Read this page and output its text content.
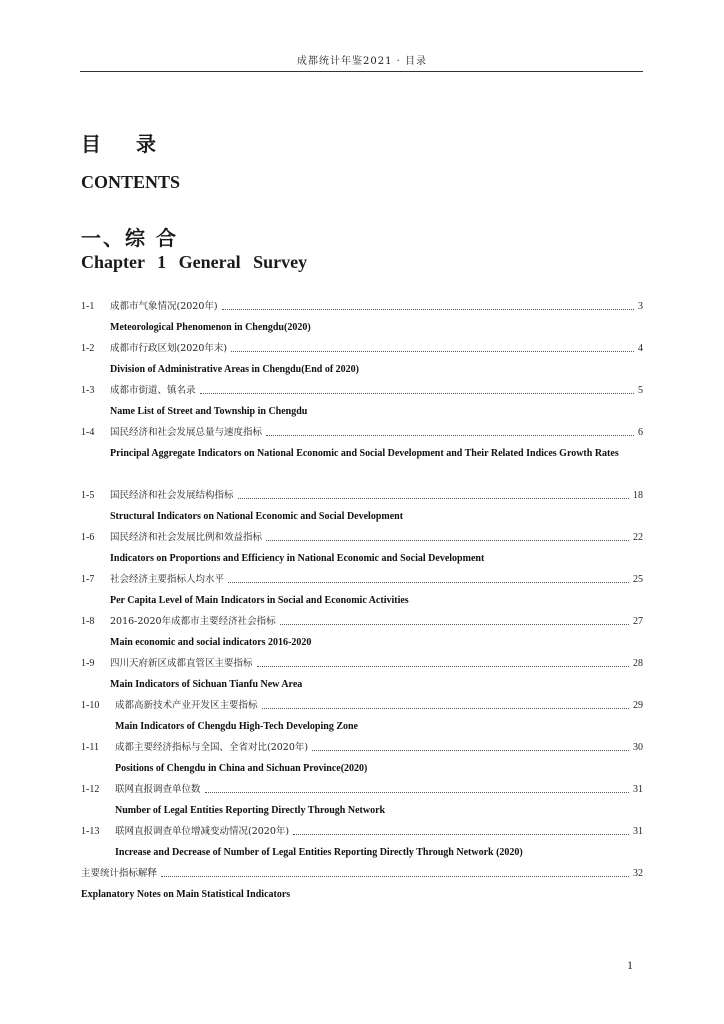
成都统计年鉴2021 · 目录
目 录
CONTENTS
一、综 合
Chapter 1 General Survey
1-1	成都市气象情况(2020年)	3
Meteorological Phenomenon in Chengdu(2020)
1-2	成都市行政区划(2020年末)	4
Division of Administrative Areas in Chengdu(End of 2020)
1-3	成都市街道、镇名录	5
Name List of Street and Township in Chengdu
1-4	国民经济和社会发展总量与速度指标	6
Principal Aggregate Indicators on National Economic and Social Development and Their Related Indices Growth Rates
1-5	国民经济和社会发展结构指标	18
Structural Indicators on National Economic and Social Development
1-6	国民经济和社会发展比例和效益指标	22
Indicators on Proportions and Efficiency in National Economic and Social Development
1-7	社会经济主要指标人均水平	25
Per Capita Level of Main Indicators in Social and Economic Activities
1-8	2016-2020年成都市主要经济社会指标	27
Main economic and social indicators 2016-2020
1-9	四川天府新区成都直管区主要指标	28
Main Indicators of Sichuan Tianfu New Area
1-10	成都高新技术产业开发区主要指标	29
Main Indicators of Chengdu High-Tech Developing Zone
1-11	成都主要经济指标与全国、全省对比(2020年)	30
Positions of Chengdu in China and Sichuan Province(2020)
1-12	联网直报调查单位数	31
Number of Legal Entities Reporting Directly Through Network
1-13	联网直报调查单位增减变动情况(2020年)	31
Increase and Decrease of Number of Legal Entities Reporting Directly Through Network (2020)
主要统计指标解释	32
Explanatory Notes on Main Statistical Indicators
1
